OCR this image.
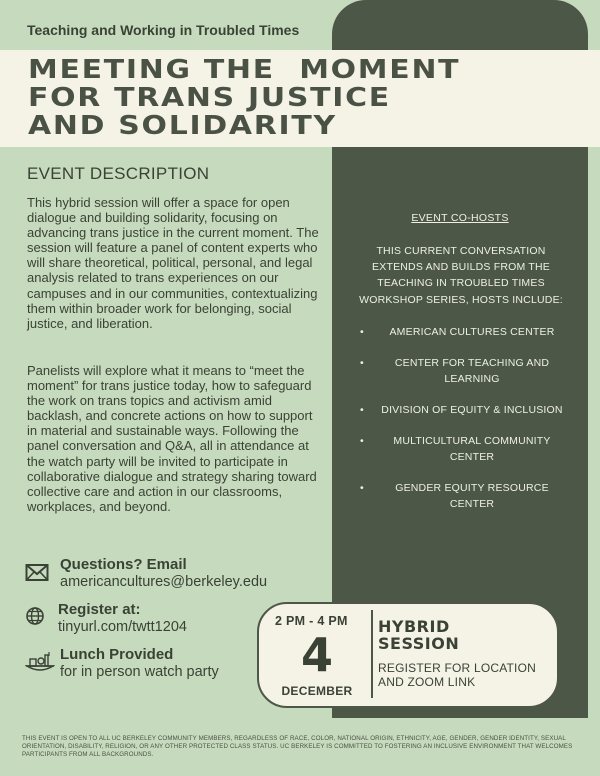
Teaching and Working in Troubled Times
MEETING THE  MOMENT
FOR TRANS JUSTICE
AND SOLIDARITY
EVENT DESCRIPTION

This hybrid session will offer a space for open dialogue and building solidarity, focusing on advancing trans justice in the current moment. The session will feature a panel of content experts who will share theoretical, political, personal, and legal analysis related to trans experiences on our campuses and in our communities, contextualizing them within broader work for belonging, social justice, and liberation.

Panelists will explore what it means to “meet the moment” for trans justice today, how to safeguard the work on trans topics and activism amid backlash, and concrete actions on how to support in material and sustainable ways. Following the panel conversation and Q&A, all in attendance at the watch party will be invited to participate in collaborative dialogue and strategy sharing toward collective care and action in our classrooms, workplaces, and beyond.

EVENT CO-HOSTS
THIS CURRENT CONVERSATION EXTENDS AND BUILDS FROM THE TEACHING IN TROUBLED TIMES WORKSHOP SERIES, HOSTS INCLUDE:
• AMERICAN CULTURES CENTER
•	CENTER FOR TEACHING AND LEARNING
• DIVISION OF EQUITY & INCLUSION
•	MULTICULTURAL COMMUNITY CENTER
•	GENDER EQUITY RESOURCE CENTER
Questions? Email
americancultures@berkeley.edu
Register at:
tinyurl.com/twtt1204
Lunch Provided
for in person watch party
2 PM - 4 PM
4
DECEMBER
HYBRID
SESSION
REGISTER FOR LOCATION AND ZOOM LINK
THIS EVENT IS OPEN TO ALL UC BERKELEY COMMUNITY MEMBERS, REGARDLESS OF RACE, COLOR, NATIONAL ORIGIN, ETHNICITY, AGE, GENDER, GENDER IDENTITY, SEXUAL ORIENTATION, DISABILITY, RELIGION, OR ANY OTHER PROTECTED CLASS STATUS. UC BERKELEY IS COMMITTED TO FOSTERING AN INCLUSIVE ENVIRONMENT THAT WELCOMES PARTICIPANTS FROM ALL BACKGROUNDS.
